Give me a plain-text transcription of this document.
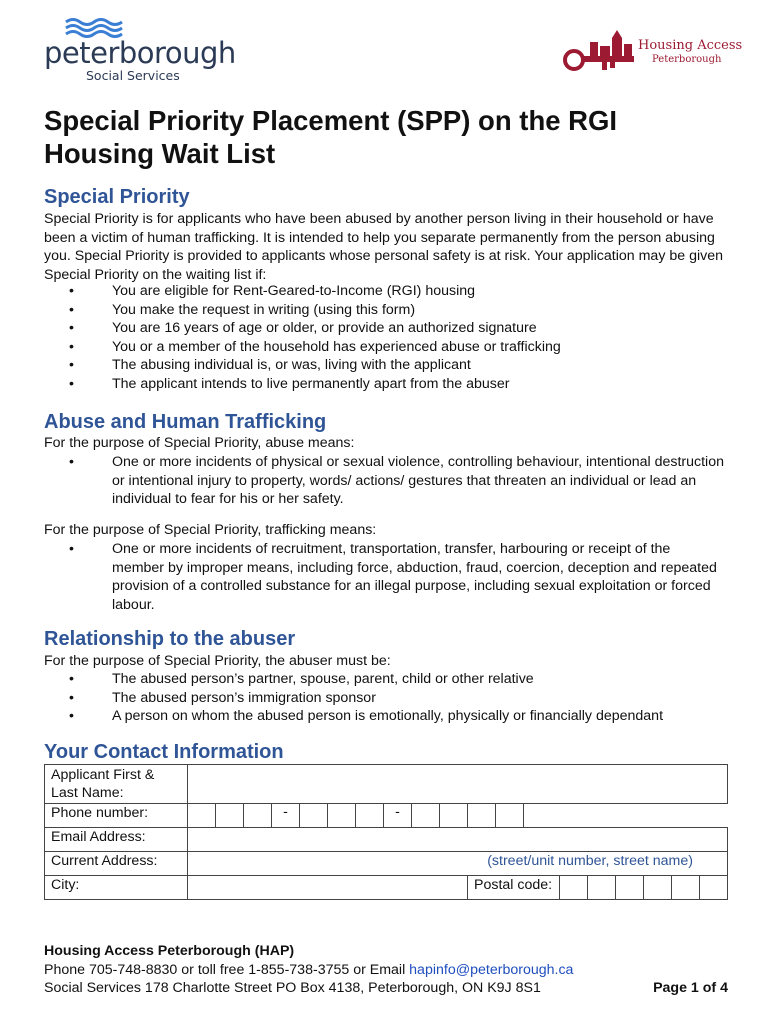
peterborough
Social Services
Housing Access
Peterborough
Special Priority Placement (SPP) on the RGI Housing Wait List
Special Priority
Special Priority is for applicants who have been abused by another person living in their household or have been a victim of human trafficking. It is intended to help you separate permanently from the person abusing you. Special Priority is provided to applicants whose personal safety is at risk. Your application may be given Special Priority on the waiting list if:
• You are eligible for Rent-Geared-to-Income (RGI) housing
• You make the request in writing (using this form)
• You are 16 years of age or older, or provide an authorized signature
• You or a member of the household has experienced abuse or trafficking
• The abusing individual is, or was, living with the applicant
• The applicant intends to live permanently apart from the abuser
Abuse and Human Trafficking
For the purpose of Special Priority, abuse means:
• One or more incidents of physical or sexual violence, controlling behaviour, intentional destruction or intentional injury to property, words/ actions/ gestures that threaten an individual or lead an individual to fear for his or her safety.
For the purpose of Special Priority, trafficking means:
• One or more incidents of recruitment, transportation, transfer, harbouring or receipt of the member by improper means, including force, abduction, fraud, coercion, deception and repeated provision of a controlled substance for an illegal purpose, including sexual exploitation or forced labour.
Relationship to the abuser
For the purpose of Special Priority, the abuser must be:
• The abused person’s partner, spouse, parent, child or other relative
• The abused person’s immigration sponsor
• A person on whom the abused person is emotionally, physically or financially dependant
Your Contact Information
Applicant First & Last Name:																			
Phone number:				-				-											
Email Address:																			
Current Address:	(street/unit number, street name)																		
City:											Postal code:								
Housing Access Peterborough (HAP)
Phone 705-748-8830 or toll free 1-855-738-3755 or Email hapinfo@peterborough.ca
Social Services 178 Charlotte Street PO Box 4138, Peterborough, ON K9J 8S1	Page 1 of 4
